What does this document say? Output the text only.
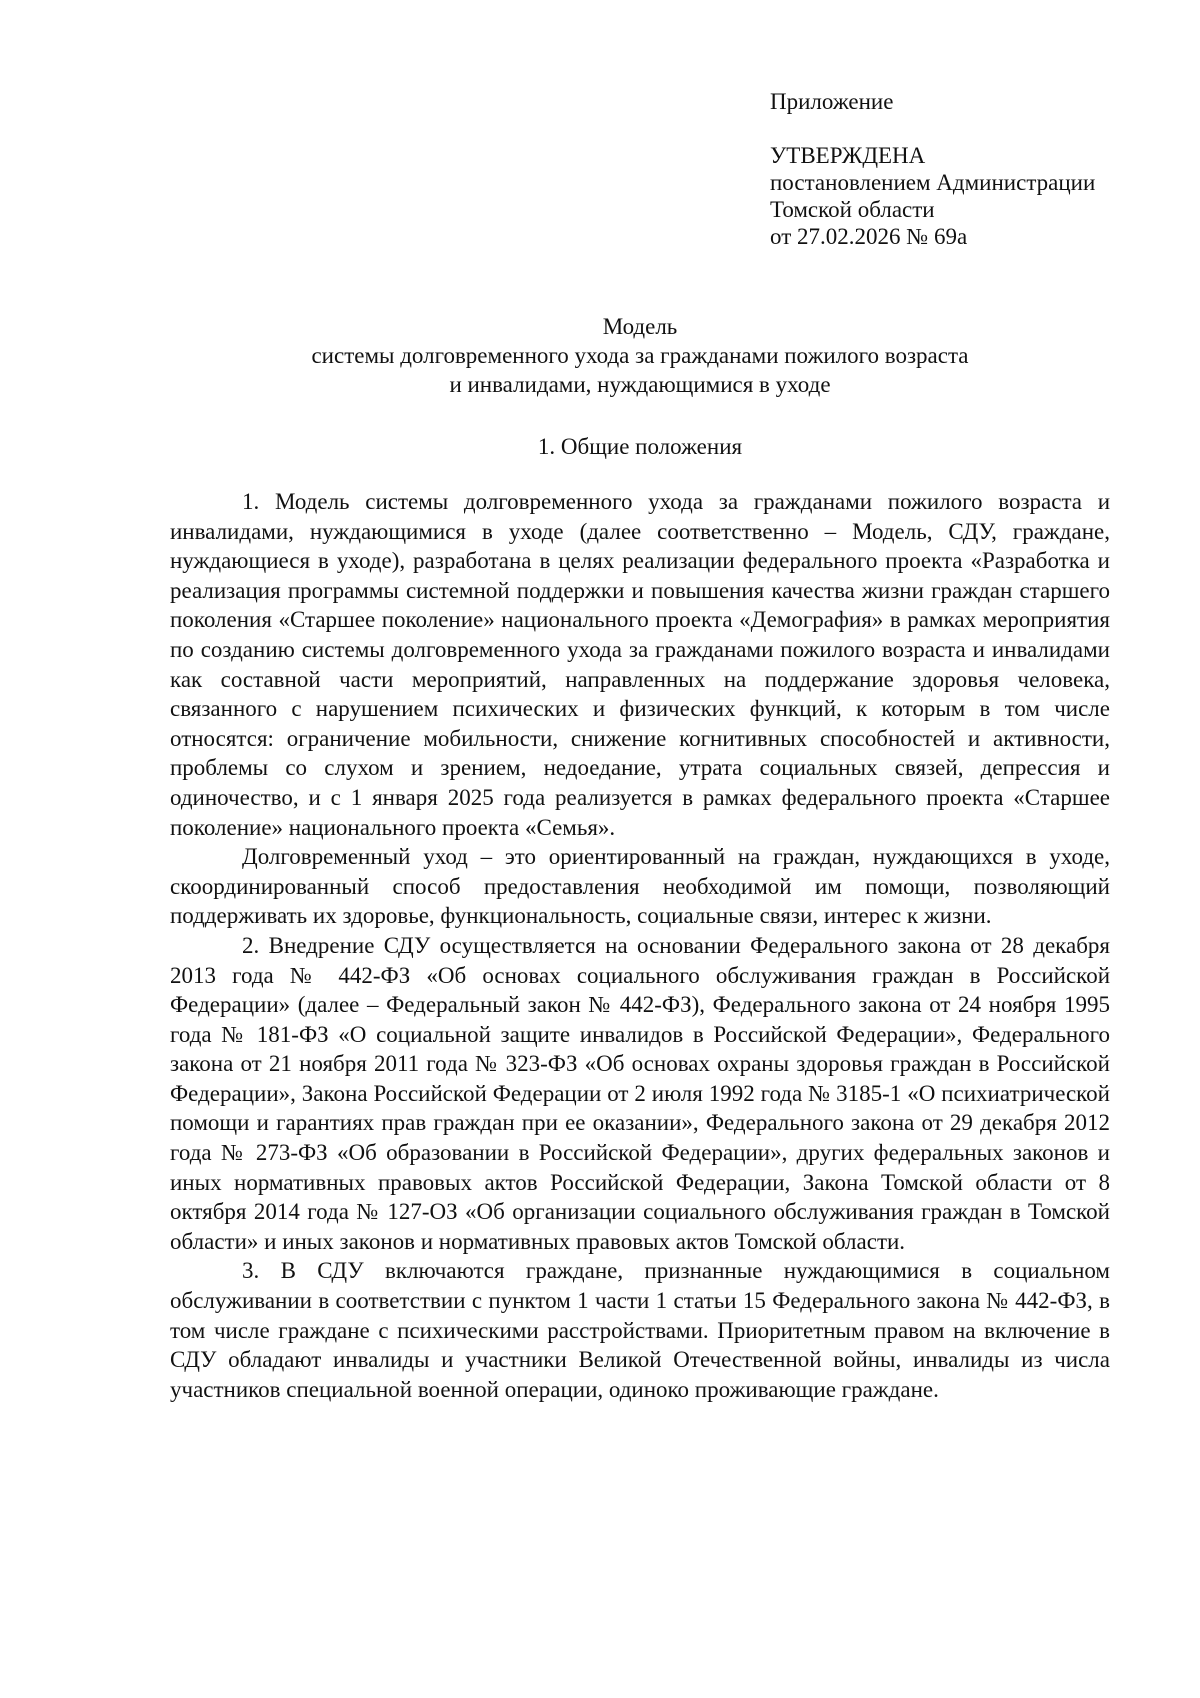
Приложение
УТВЕРЖДЕНА
постановлением Администрации
Томской области
от 27.02.2026 № 69а
Модель
системы долговременного ухода за гражданами пожилого возраста
и инвалидами, нуждающимися в уходе
1. Общие положения

1. Модель системы долговременного ухода за гражданами пожилого возраста и инвалидами, нуждающимися в уходе (далее соответственно – Модель, СДУ, граждане, нуждающиеся в уходе), разработана в целях реализации федерального проекта «Разработка и реализация программы системной поддержки и повышения качества жизни граждан старшего поколения «Старшее поколение» национального проекта «Демография» в рамках мероприятия по созданию системы долговременного ухода за гражданами пожилого возраста и инвалидами как составной части мероприятий, направленных на поддержание здоровья человека, связанного с нарушением психических и физических функций, к которым в том числе относятся: ограничение мобильности, снижение когнитивных способностей и активности, проблемы со слухом и зрением, недоедание, утрата социальных связей, депрессия и одиночество, и с 1 января 2025 года реализуется в рамках федерального проекта «Старшее поколение» национального проекта «Семья».

Долговременный уход – это ориентированный на граждан, нуждающихся в уходе, скоординированный способ предоставления необходимой им помощи, позволяющий поддерживать их здоровье, функциональность, социальные связи, интерес к жизни.

2. Внедрение СДУ осуществляется на основании Федерального закона от 28 декабря 2013 года № 442-ФЗ «Об основах социального обслуживания граждан в Российской Федерации» (далее – Федеральный закон № 442-ФЗ), Федерального закона от 24 ноября 1995 года № 181-ФЗ «О социальной защите инвалидов в Российской Федерации», Федерального закона от 21 ноября 2011 года № 323-ФЗ «Об основах охраны здоровья граждан в Российской Федерации», Закона Российской Федерации от 2 июля 1992 года № 3185-1 «О психиатрической помощи и гарантиях прав граждан при ее оказании», Федерального закона от 29 декабря 2012 года № 273-ФЗ «Об образовании в Российской Федерации», других федеральных законов и иных нормативных правовых актов Российской Федерации, Закона Томской области от 8 октября 2014 года № 127-ОЗ «Об организации социального обслуживания граждан в Томской области» и иных законов и нормативных правовых актов Томской области.

3. В СДУ включаются граждане, признанные нуждающимися в социальном обслуживании в соответствии с пунктом 1 части 1 статьи 15 Федерального закона № 442-ФЗ, в том числе граждане с психическими расстройствами. Приоритетным правом на включение в СДУ обладают инвалиды и участники Великой Отечественной войны, инвалиды из числа участников специальной военной операции, одиноко проживающие граждане.
